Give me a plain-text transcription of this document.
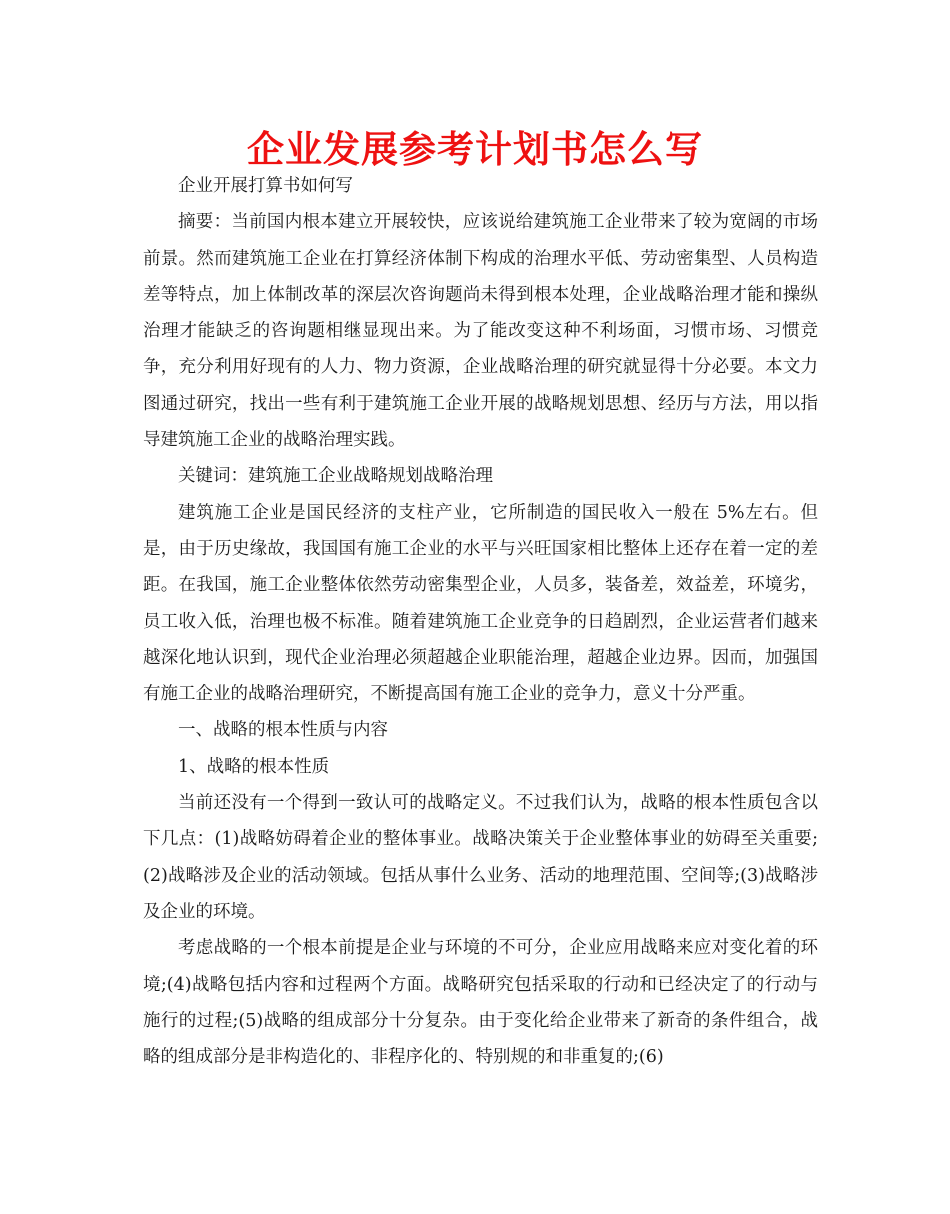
企业发展参考计划书怎么写

企业开展打算书如何写

摘要：当前国内根本建立开展较快，应该说给建筑施工企业带来了较为宽阔的市场前景。然而建筑施工企业在打算经济体制下构成的治理水平低、劳动密集型、人员构造差等特点，加上体制改革的深层次咨询题尚未得到根本处理，企业战略治理才能和操纵治理才能缺乏的咨询题相继显现出来。为了能改变这种不利场面，习惯市场、习惯竞争，充分利用好现有的人力、物力资源，企业战略治理的研究就显得十分必要。本文力图通过研究，找出一些有利于建筑施工企业开展的战略规划思想、经历与方法，用以指导建筑施工企业的战略治理实践。

关键词：建筑施工企业战略规划战略治理

建筑施工企业是国民经济的支柱产业，它所制造的国民收入一般在 5%左右。但是，由于历史缘故，我国国有施工企业的水平与兴旺国家相比整体上还存在着一定的差距。在我国，施工企业整体依然劳动密集型企业，人员多，装备差，效益差，环境劣，员工收入低，治理也极不标准。随着建筑施工企业竞争的日趋剧烈，企业运营者们越来越深化地认识到，现代企业治理必须超越企业职能治理，超越企业边界。因而，加强国有施工企业的战略治理研究，不断提高国有施工企业的竞争力，意义十分严重。

一、战略的根本性质与内容

1、战略的根本性质

当前还没有一个得到一致认可的战略定义。不过我们认为，战略的根本性质包含以下几点：(1)战略妨碍着企业的整体事业。战略决策关于企业整体事业的妨碍至关重要;(2)战略涉及企业的活动领域。包括从事什么业务、活动的地理范围、空间等;(3)战略涉及企业的环境。

考虑战略的一个根本前提是企业与环境的不可分，企业应用战略来应对变化着的环境;(4)战略包括内容和过程两个方面。战略研究包括采取的行动和已经决定了的行动与施行的过程;(5)战略的组成部分十分复杂。由于变化给企业带来了新奇的条件组合，战略的组成部分是非构造化的、非程序化的、特别规的和非重复的;(6)
